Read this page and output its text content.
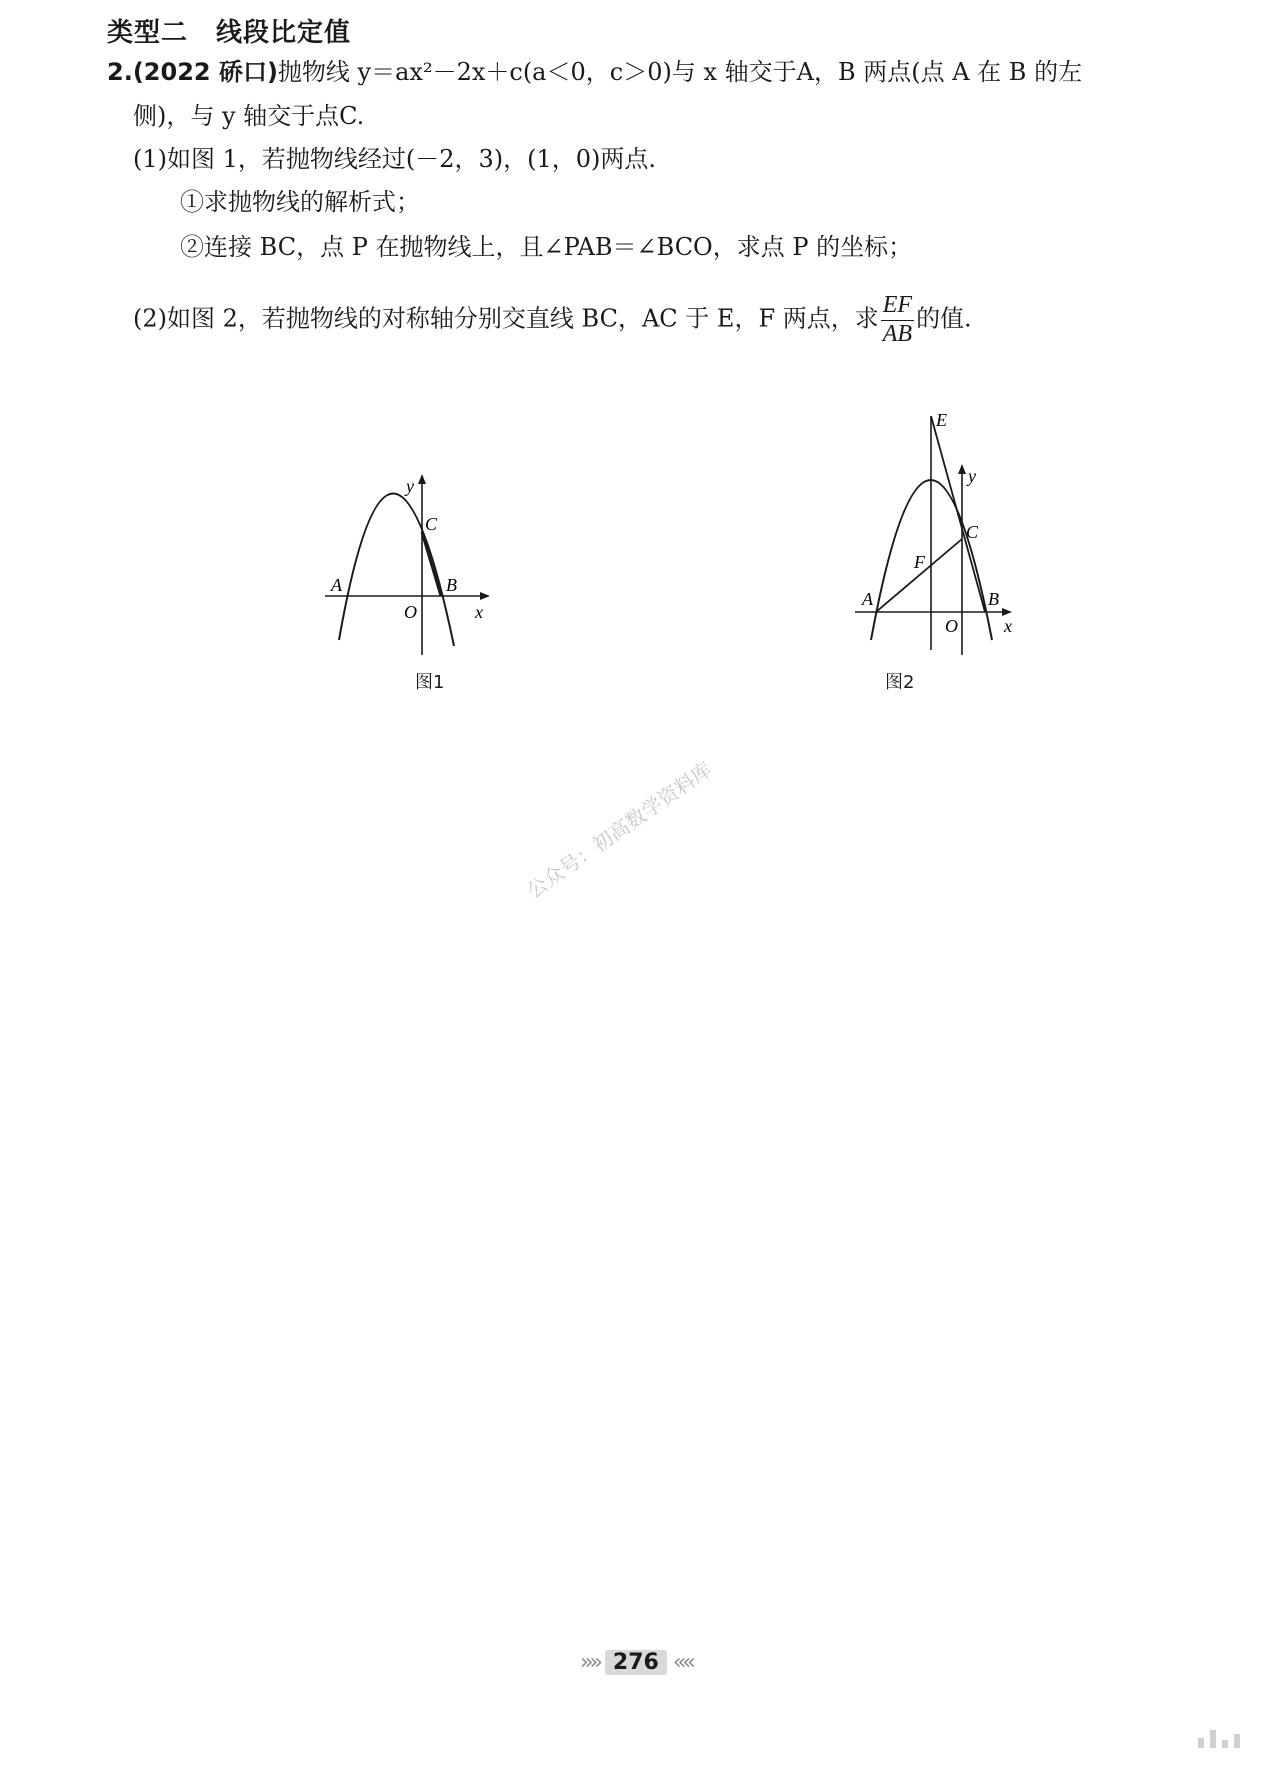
类型二 线段比定值
2.(2022 硚口)抛物线 y＝ax²－2x＋c(a＜0，c＞0)与 x 轴交于A，B 两点(点 A 在 B 的左
侧)，与 y 轴交于点C.
(1)如图 1，若抛物线经过(－2，3)，(1，0)两点.
①求抛物线的解析式；
②连接 BC，点 P 在抛物线上，且∠PAB＝∠BCO，求点 P 的坐标；
(2)如图 2，若抛物线的对称轴分别交直线 BC，AC 于 E，F 两点，求 $\frac{EF}{AB}$ 的值.
y
C
A	B
O	x
图1
E
y
C
F
A	B
O	x
图2
公众号：初高数学资料库
»» 276 ««
